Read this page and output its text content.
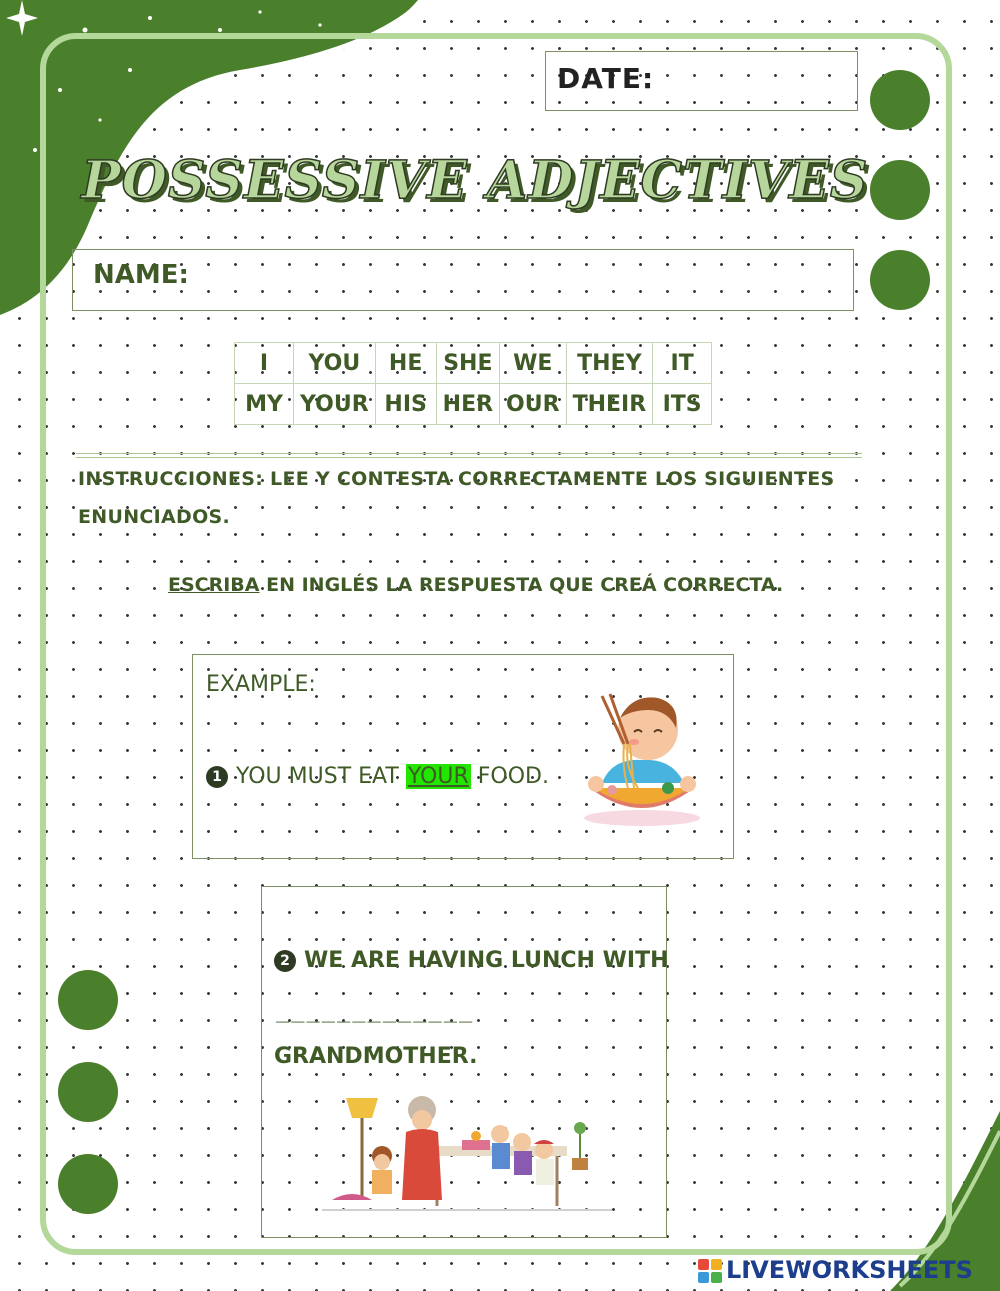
DATE:
POSSESSIVE ADJECTIVES
NAME:
I	YOU	HE	SHE	WE	THEY	IT
MY	YOUR	HIS	HER	OUR	THEIR	ITS
INSTRUCCIONES: LEE Y CONTESTA CORRECTAMENTE LOS SIGUIENTES ENUNCIADOS.
ESCRIBA EN INGLÉS LA RESPUESTA QUE CREÁ CORRECTA.
EXAMPLE:
1 YOU MUST EAT YOUR FOOD.
2 WE ARE HAVING LUNCH WITH
_____________
GRANDMOTHER.
LIVEWORKSHEETS
